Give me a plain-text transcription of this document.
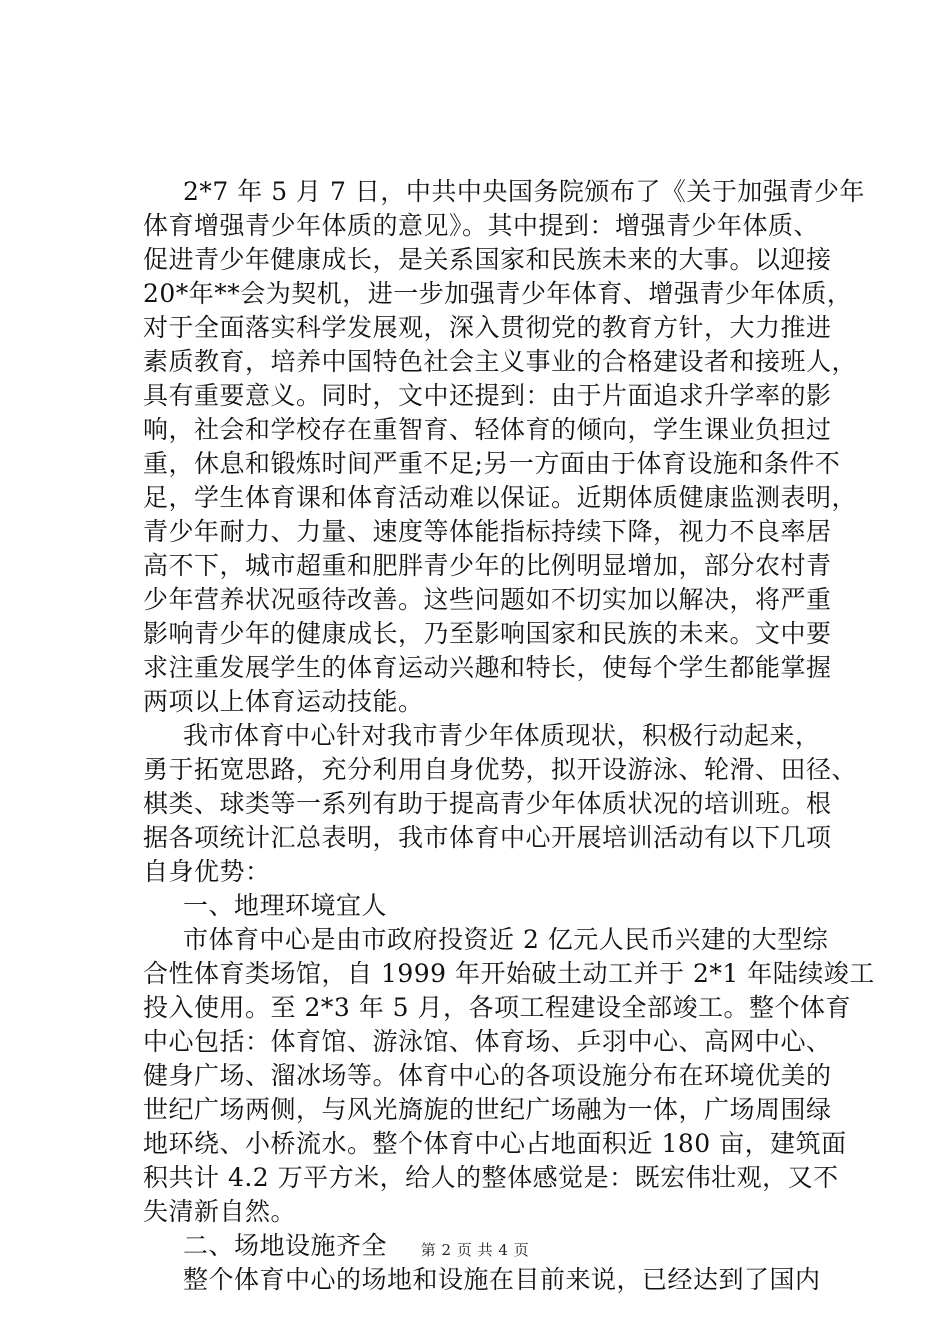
2*7 年 5 月 7 日，中共中央国务院颁布了《关于加强青少年
体育增强青少年体质的意见》。其中提到：增强青少年体质、
促进青少年健康成长，是关系国家和民族未来的大事。以迎接
20*年**会为契机，进一步加强青少年体育、增强青少年体质，
对于全面落实科学发展观，深入贯彻党的教育方针，大力推进
素质教育，培养中国特色社会主义事业的合格建设者和接班人，
具有重要意义。同时，文中还提到：由于片面追求升学率的影
响，社会和学校存在重智育、轻体育的倾向，学生课业负担过
重，休息和锻炼时间严重不足;另一方面由于体育设施和条件不
足，学生体育课和体育活动难以保证。近期体质健康监测表明，
青少年耐力、力量、速度等体能指标持续下降，视力不良率居
高不下，城市超重和肥胖青少年的比例明显增加，部分农村青
少年营养状况亟待改善。这些问题如不切实加以解决，将严重
影响青少年的健康成长，乃至影响国家和民族的未来。文中要
求注重发展学生的体育运动兴趣和特长，使每个学生都能掌握
两项以上体育运动技能。
我市体育中心针对我市青少年体质现状，积极行动起来，
勇于拓宽思路，充分利用自身优势，拟开设游泳、轮滑、田径、
棋类、球类等一系列有助于提高青少年体质状况的培训班。根
据各项统计汇总表明，我市体育中心开展培训活动有以下几项
自身优势：
一、地理环境宜人
市体育中心是由市政府投资近 2 亿元人民币兴建的大型综
合性体育类场馆，自 1999 年开始破土动工并于 2*1 年陆续竣工
投入使用。至 2*3 年 5 月，各项工程建设全部竣工。整个体育
中心包括：体育馆、游泳馆、体育场、乒羽中心、高网中心、
健身广场、溜冰场等。体育中心的各项设施分布在环境优美的
世纪广场两侧，与风光旖旎的世纪广场融为一体，广场周围绿
地环绕、小桥流水。整个体育中心占地面积近 180 亩，建筑面
积共计 4.2 万平方米，给人的整体感觉是：既宏伟壮观，又不
失清新自然。
二、场地设施齐全
整个体育中心的场地和设施在目前来说，已经达到了国内
第 2 页 共 4 页
